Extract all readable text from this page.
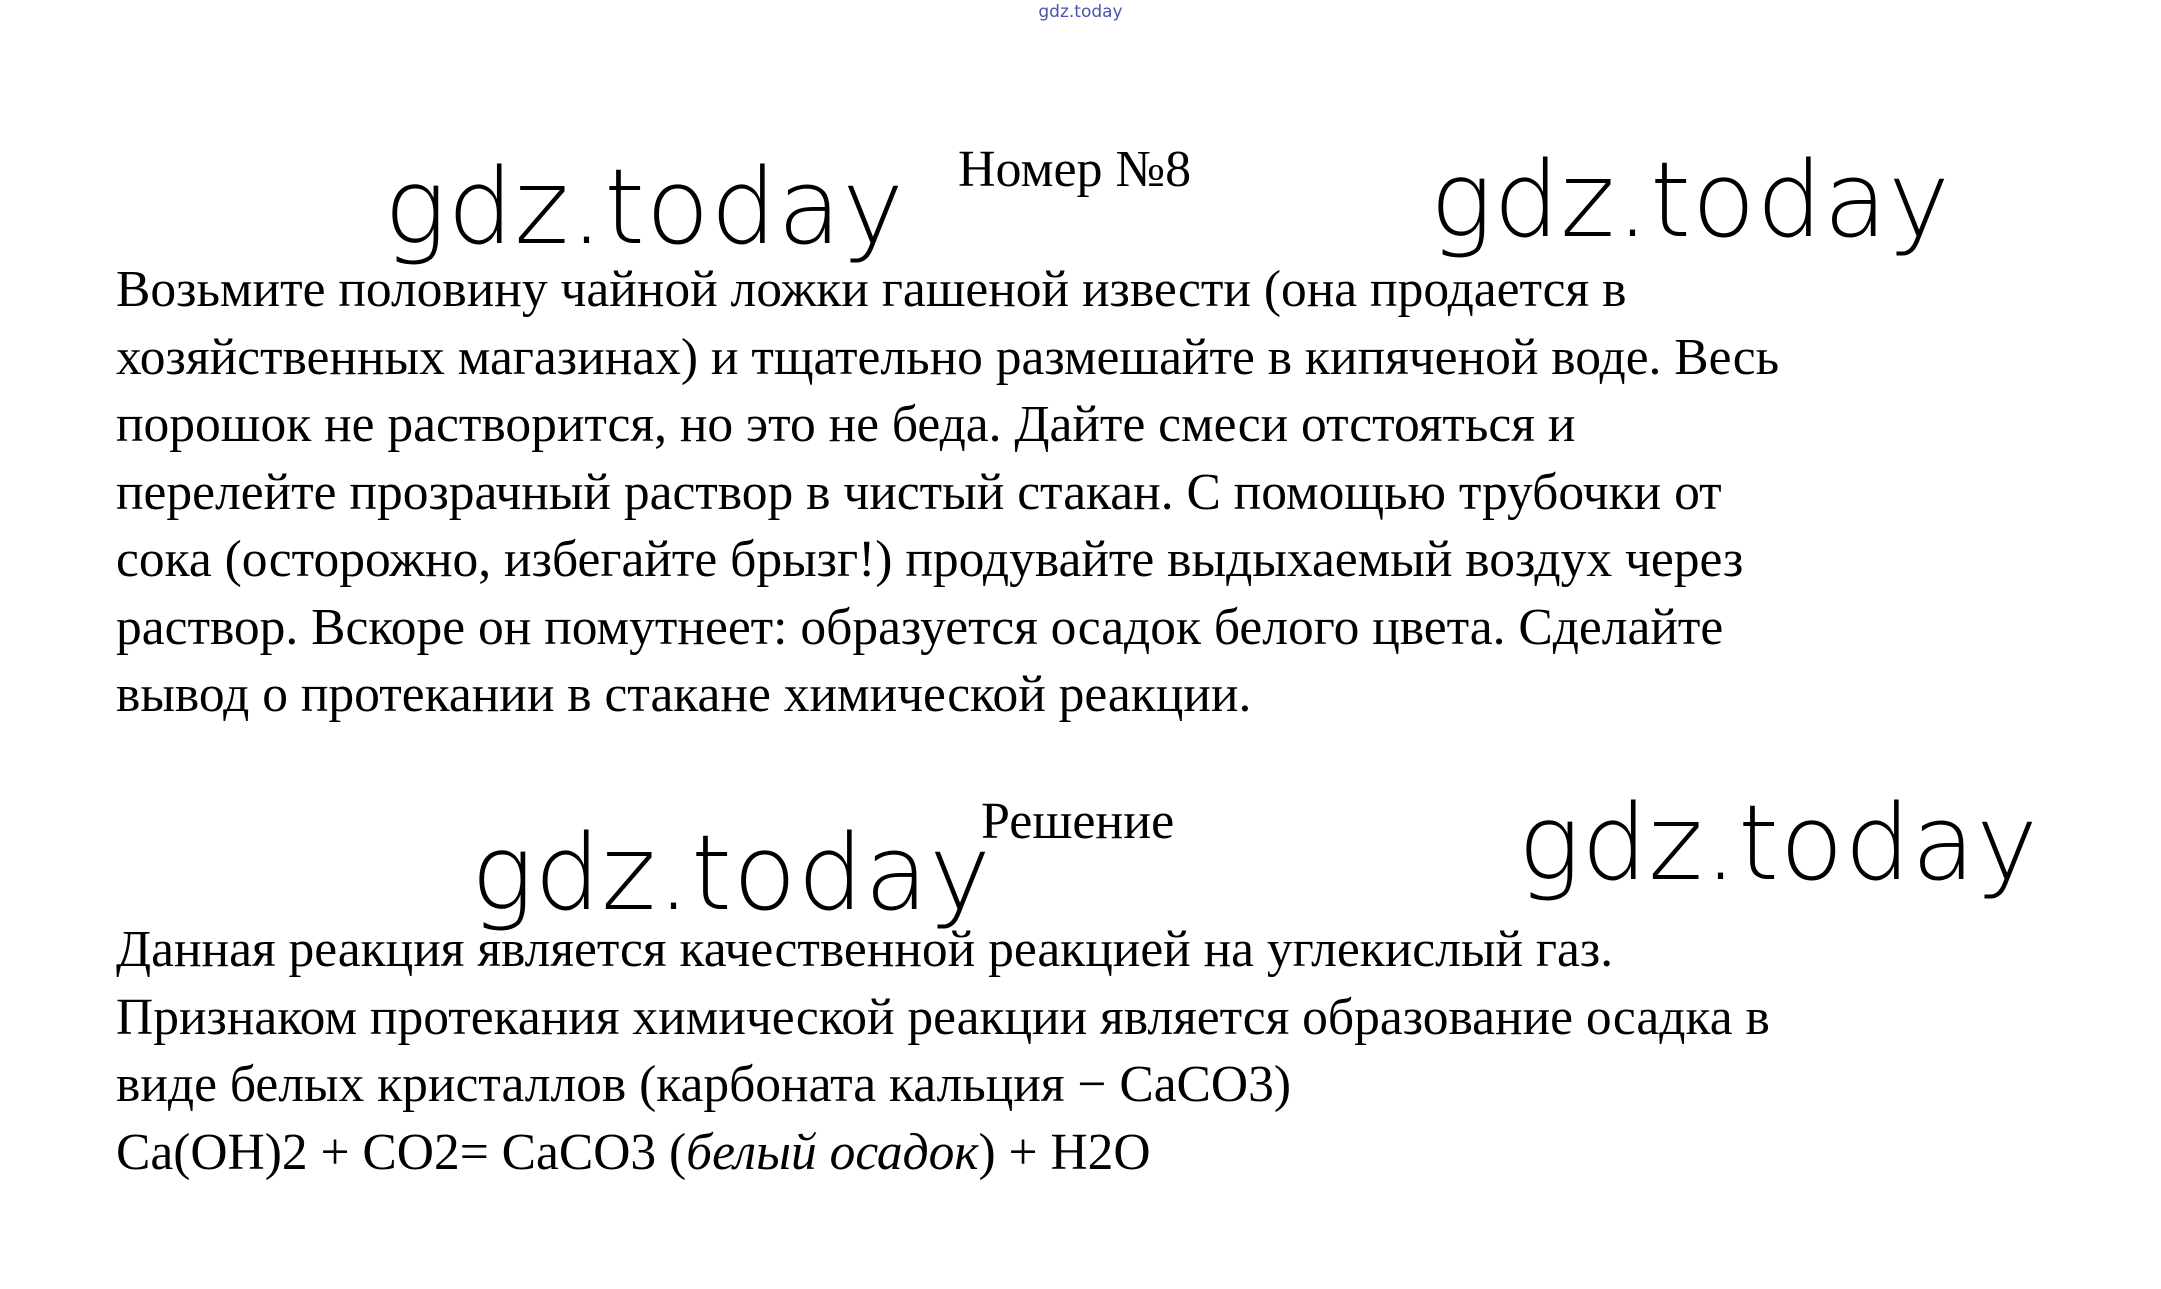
gdz.today
gdz.today	gdz.today
Номер №8
Возьмите половину чайной ложки гашеной извести (она продается в
хозяйственных магазинах) и тщательно размешайте в кипяченой воде. Весь
порошок не растворится, но это не беда. Дайте смеси отстояться и
перелейте прозрачный раствор в чистый стакан. С помощью трубочки от
сока (осторожно, избегайте брызг!) продувайте выдыхаемый воздух через
раствор. Вскоре он помутнеет: образуется осадок белого цвета. Сделайте
вывод о протекании в стакане химической реакции.
Решение
gdz.today	gdz.today
Данная реакция является качественной реакцией на углекислый газ.
Признаком протекания химической реакции является образование осадка в
виде белых кристаллов (карбоната кальция − CaCO3)
Ca(OH)2 + CO2= CaCO3 (белый осадок) + H2O
